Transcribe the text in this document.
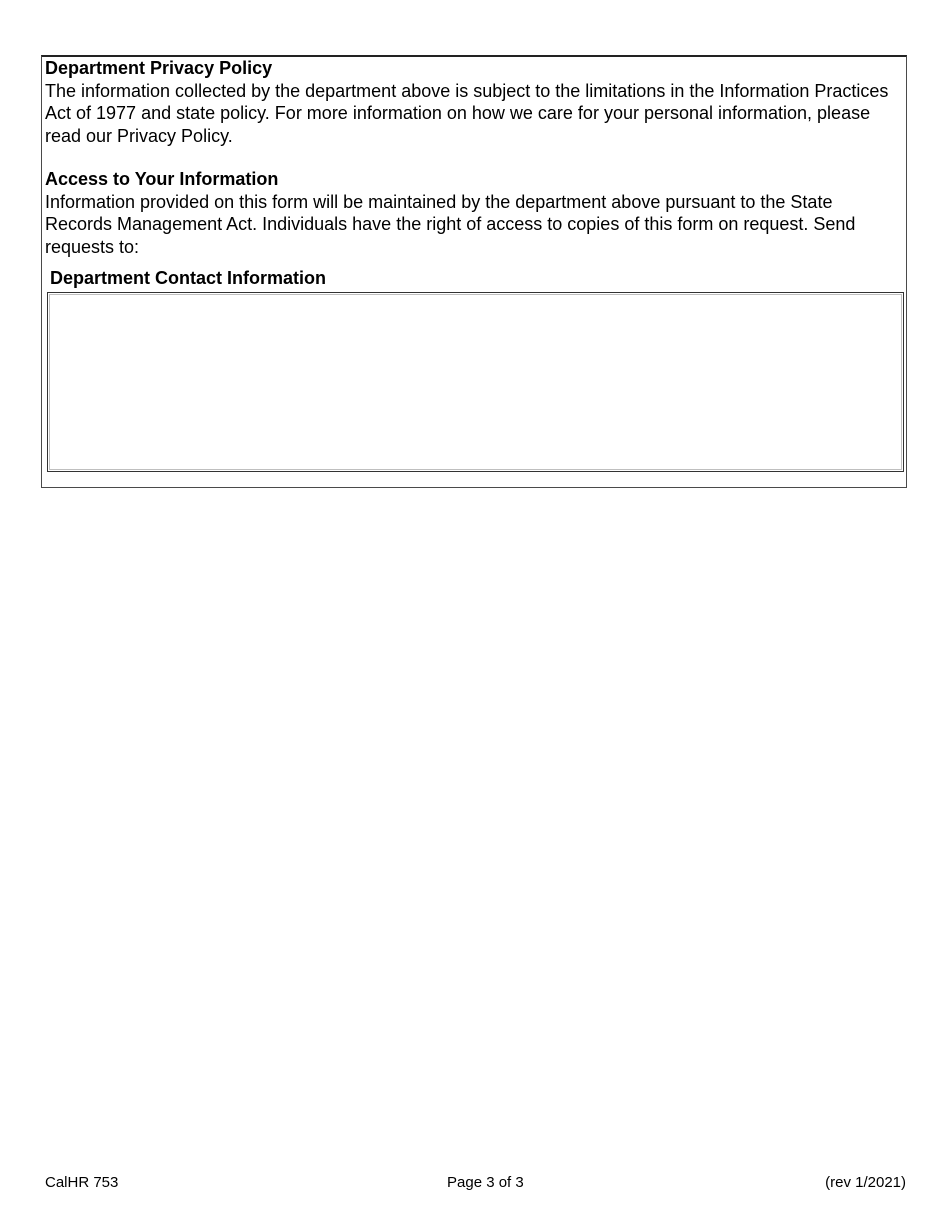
Department Privacy Policy
The information collected by the department above is subject to the limitations in the Information Practices Act of 1977 and state policy. For more information on how we care for your personal information, please read our Privacy Policy.
Access to Your Information
Information provided on this form will be maintained by the department above pursuant to the State Records Management Act. Individuals have the right of access to copies of this form on request. Send requests to:
Department Contact Information
CalHR 753	Page 3 of 3	(rev 1/2021)
